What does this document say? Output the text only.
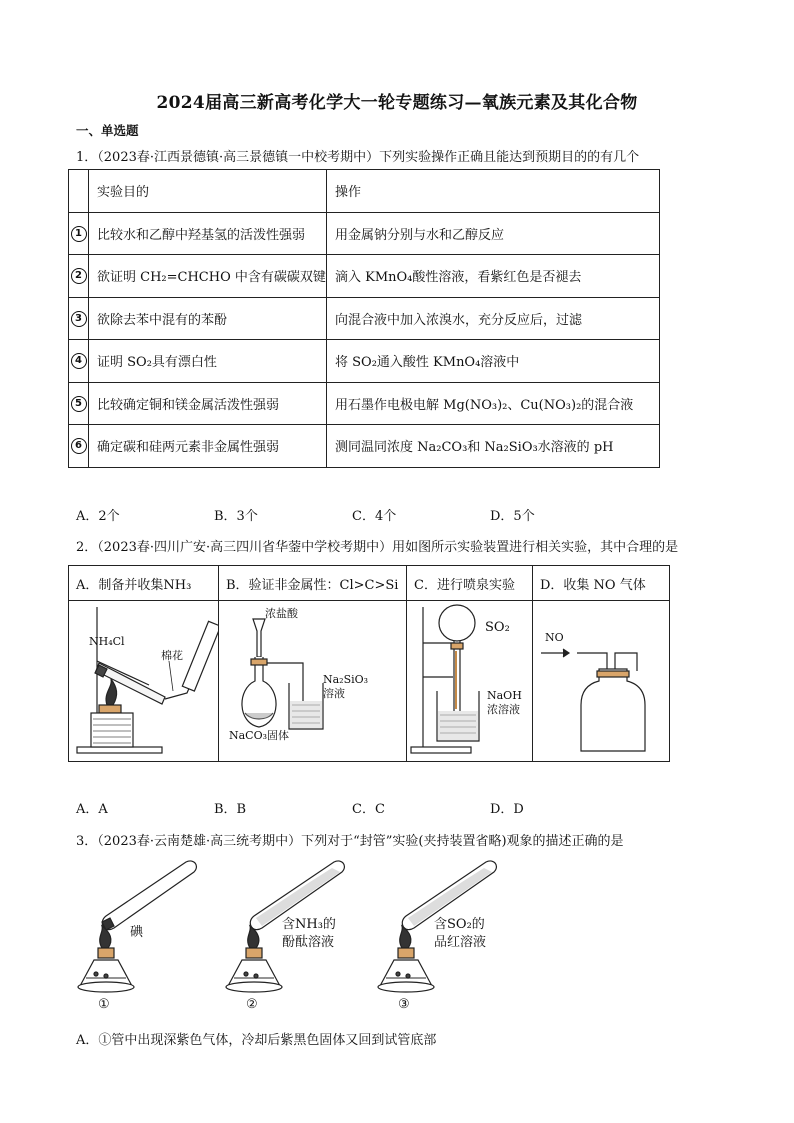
2024届高三新高考化学大一轮专题练习—氧族元素及其化合物
一、单选题
1．（2023春·江西景德镇·高三景德镇一中校考期中）下列实验操作正确且能达到预期目的的有几个
	实验目的	操作
1	比较水和乙醇中羟基氢的活泼性强弱	用金属钠分别与水和乙醇反应
2	欲证明 CH₂=CHCHO 中含有碳碳双键	滴入 KMnO₄酸性溶液，看紫红色是否褪去
3	欲除去苯中混有的苯酚	向混合液中加入浓溴水，充分反应后，过滤
4	证明 SO₂具有漂白性	将 SO₂通入酸性 KMnO₄溶液中
5	比较确定铜和镁金属活泼性强弱	用石墨作电极电解 Mg(NO₃)₂、Cu(NO₃)₂的混合液
6	确定碳和硅两元素非金属性强弱	测同温同浓度 Na₂CO₃和 Na₂SiO₃水溶液的 pH
A．2个	B．3个	C．4个	D．5个
2．（2023春·四川广安·高三四川省华蓥中学校考期中）用如图所示实验装置进行相关实验，其中合理的是
A．制备并收集NH₃	B．验证非金属性：Cl>C>Si	C．进行喷泉实验	D．收集 NO 气体

NH₄Cl
棉花	浓盐酸
Na₂SiO₃
溶液
NaCO₃固体	SO₂
NaOH
浓溶液	NO
A．A	B．B	C．C	D．D
3．（2023春·云南楚雄·高三统考期中）下列对于“封管”实验(夹持装置省略)观象的描述正确的是
碘
含NH₃的
酚酞溶液
含SO₂的
品红溶液
①	②	③
A．①管中出现深紫色气体，冷却后紫黑色固体又回到试管底部
